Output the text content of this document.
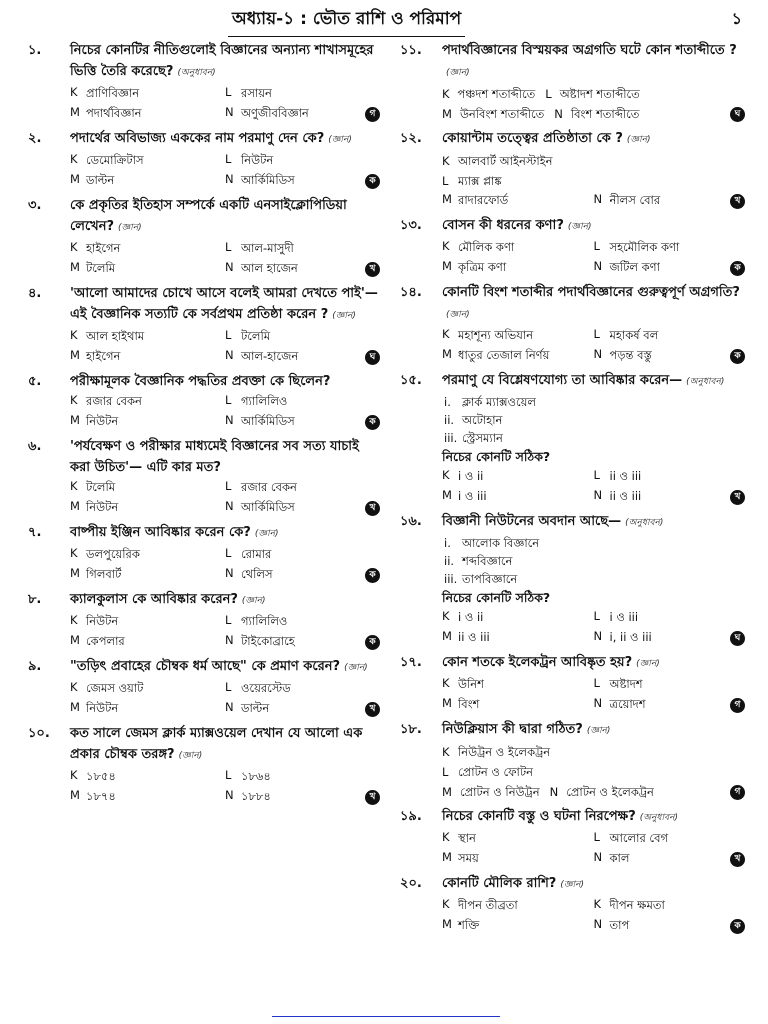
অধ্যায়-১ : ভৌত রাশি ও পরিমাপ	১
১.	নিচের কোনটির নীতিগুলোই বিজ্ঞানের অন্যান্য শাখাসমূহের ভিত্তি তৈরি করেছে? (অনুধাবন)
K প্রাণিবিজ্ঞান	L রসায়ন
M পদার্থবিজ্ঞান	N অণুজীববিজ্ঞান	গ
২.	পদার্থের অবিভাজ্য এককের নাম পরমাণু দেন কে? (জ্ঞান)
K ডেমোক্রিটাস	L নিউটন
M ডাল্টন	N আর্কিমিডিস	ক
৩.	কে প্রকৃতির ইতিহাস সম্পর্কে একটি এনসাইক্লোপিডিয়া লেখেন? (জ্ঞান)
K হাইগেন	L আল-মাসুদী
M টলেমি	N আল হাজেন	খ
৪.	'আলো আমাদের চোখে আসে বলেই আমরা দেখতে পাই'— এই বৈজ্ঞানিক সত্যটি কে সর্বপ্রথম প্রতিষ্ঠা করেন ? (জ্ঞান)
K আল হাইথাম	L টলেমি
M হাইগেন	N আল-হাজেন	ঘ
৫.	পরীক্ষামূলক বৈজ্ঞানিক পদ্ধতির প্রবক্তা কে ছিলেন?
K রজার বেকন	L গ্যালিলিও
M নিউটন	N আর্কিমিডিস	ক
৬.	'পর্যবেক্ষণ ও পরীক্ষার মাধ্যমেই বিজ্ঞানের সব সত্য যাচাই করা উচিত'— এটি কার মত?
K টলেমি	L রজার বেকন
M নিউটন	N আর্কিমিডিস	খ
৭.	বাষ্পীয় ইঞ্জিন আবিষ্কার করেন কে? (জ্ঞান)
K ডলপুয়েরিক	L রোমার
M গিলবার্ট	N থেলিস	ক
৮.	ক্যালকুলাস কে আবিষ্কার করেন? (জ্ঞান)
K নিউটন	L গ্যালিলিও
M কেপলার	N টাইকোব্রাহে	ক
৯.	"তড়িৎ প্রবাহের চৌম্বক ধর্ম আছে" কে প্রমাণ করেন? (জ্ঞান)
K জেমস ওয়াট	L ওয়েরস্টেড
M নিউটন	N ডাল্টন	খ
১০.	কত সালে জেমস ক্লার্ক ম্যাক্সওয়েল দেখান যে আলো এক প্রকার চৌম্বক তরঙ্গ? (জ্ঞান)
K ১৮৫৪	L ১৮৬৪
M ১৮৭৪	N ১৮৮৪	খ
১১.	পদার্থবিজ্ঞানের বিস্ময়কর অগ্রগতি ঘটে কোন শতাব্দীতে ?(জ্ঞান)
K পঞ্চদশ শতাব্দীতে L অষ্টাদশ শতাব্দীতে
M উনবিংশ শতাব্দীতে N বিংশ শতাব্দীতে	ঘ
১২.	কোয়ান্টাম তত্ত্বের প্রতিষ্ঠাতা কে ? (জ্ঞান)
K আলবার্ট আইনস্টাইন
L ম্যাক্স প্লাঙ্ক
M রাদারফোর্ড	N নীলস বোর	খ
১৩.	বোসন কী ধরনের কণা? (জ্ঞান)
K মৌলিক কণা	L সহমৌলিক কণা
M কৃত্রিম কণা	N জটিল কণা	ক
১৪.	কোনটি বিংশ শতাব্দীর পদার্থবিজ্ঞানের গুরুত্বপূর্ণ অগ্রগতি?(জ্ঞান)
K মহাশূন্য অভিযান	L মহাকর্ষ বল
M ধাতুর তেজাল নির্ণয়	N পড়ন্ত বস্তু	ক
১৫.	পরমাণু যে বিশ্লেষণযোগ্য তা আবিষ্কার করেন— (অনুধাবন)
i. ক্লার্ক ম্যাক্সওয়েল
ii. অটোহান
iii. স্ট্রেসম্যান
নিচের কোনটি সঠিক?
K i ও ii	L ii ও iii
M i ও iii	N ii ও iii	খ
১৬.	বিজ্ঞানী নিউটনের অবদান আছে— (অনুধাবন)
i. আলোক বিজ্ঞানে
ii. শব্দবিজ্ঞানে
iii. তাপবিজ্ঞানে
নিচের কোনটি সঠিক?
K i ও ii	L i ও iii
M ii ও iii	N i, ii ও iii	ঘ
১৭.	কোন শতকে ইলেকট্রন আবিষ্কৃত হয়? (জ্ঞান)
K উনিশ	L অষ্টাদশ
M বিংশ	N ত্রয়োদশ	গ
১৮.	নিউক্লিয়াস কী দ্বারা গঠিত? (জ্ঞান)
K নিউট্রন ও ইলেকট্রন
L প্রোটন ও ফোটন
M প্রোটন ও নিউট্রন N প্রোটন ও ইলেকট্রন	গ
১৯.	নিচের কোনটি বস্তু ও ঘটনা নিরপেক্ষ? (অনুধাবন)
K স্থান	L আলোর বেগ
M সময়	N কাল	খ
২০.	কোনটি মৌলিক রাশি? (জ্ঞান)
K দীপন তীব্রতা	K দীপন ক্ষমতা
M শক্তি	N তাপ	ক
